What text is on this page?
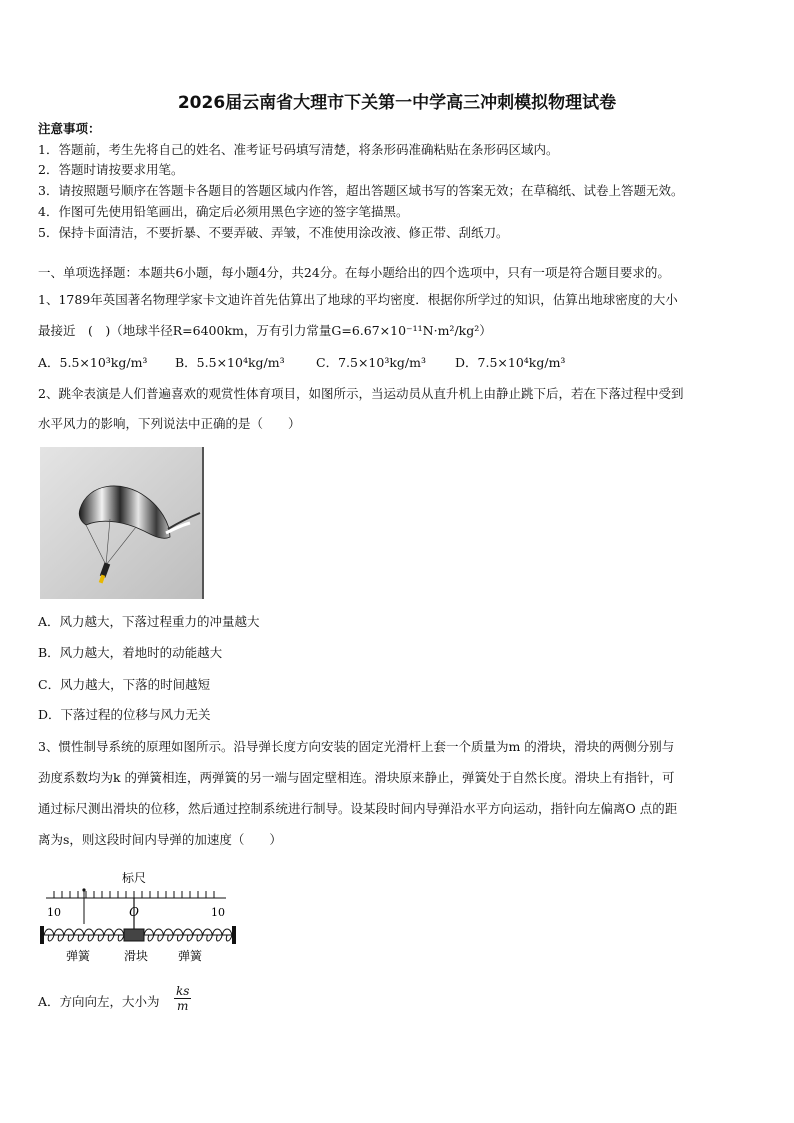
2026届云南省大理市下关第一中学高三冲刺模拟物理试卷
注意事项：
1．答题前，考生先将自己的姓名、准考证号码填写清楚，将条形码准确粘贴在条形码区域内。
2．答题时请按要求用笔。
3．请按照题号顺序在答题卡各题目的答题区域内作答，超出答题区域书写的答案无效；在草稿纸、试卷上答题无效。
4．作图可先使用铅笔画出，确定后必须用黑色字迹的签字笔描黑。
5．保持卡面清洁，不要折暴、不要弄破、弄皱，不准使用涂改液、修正带、刮纸刀。
一、单项选择题：本题共6小题，每小题4分，共24分。在每小题给出的四个选项中，只有一项是符合题目要求的。
1、1789年英国著名物理学家卡文迪许首先估算出了地球的平均密度．根据你所学过的知识，估算出地球密度的大小
最接近　(　)（地球半径R=6400km，万有引力常量G=6.67×10⁻¹¹N·m²/kg²）
A．5.5×10³kg/m³ B．5.5×10⁴kg/m³	C．7.5×10³kg/m³ D．7.5×10⁴kg/m³
2、跳伞表演是人们普遍喜欢的观赏性体育项目，如图所示，当运动员从直升机上由静止跳下后，若在下落过程中受到
水平风力的影响，下列说法中正确的是（　　）
A．风力越大，下落过程重力的冲量越大
B．风力越大，着地时的动能越大
C．风力越大，下落的时间越短
D．下落过程的位移与风力无关
3、惯性制导系统的原理如图所示。沿导弹长度方向安装的固定光滑杆上套一个质量为m 的滑块，滑块的两侧分别与
劲度系数均为k 的弹簧相连，两弹簧的另一端与固定壁相连。滑块原来静止，弹簧处于自然长度。滑块上有指针，可
通过标尺测出滑块的位移，然后通过控制系统进行制导。设某段时间内导弹沿水平方向运动，指针向左偏离O 点的距
离为s，则这段时间内导弹的加速度（　　）
标尺
10	O	10
弹簧	滑块 弹簧
A．方向向左，大小为 $\frac{ks}{m}$
